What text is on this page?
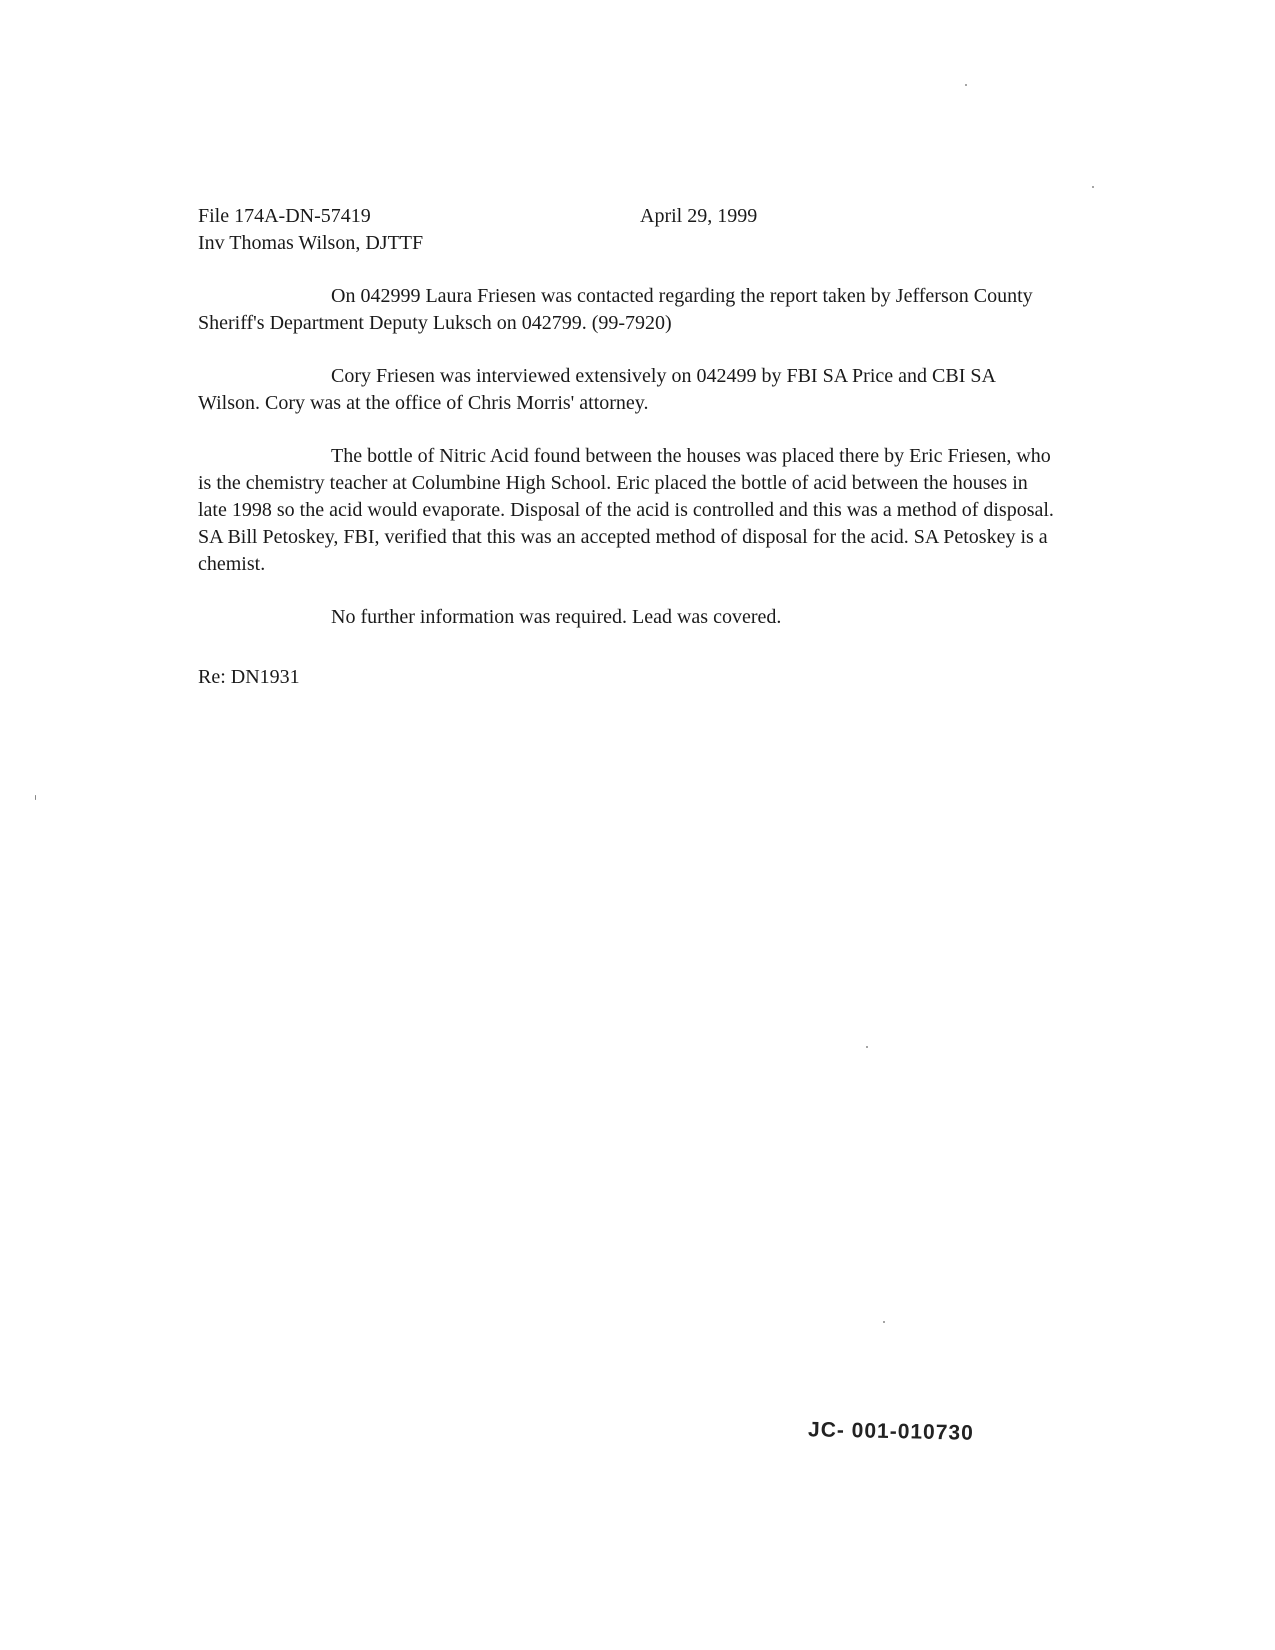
File 174A-DN-57419
Inv Thomas Wilson, DJTTF
April 29, 1999

On 042999 Laura Friesen was contacted regarding the report taken by Jefferson County Sheriff's Department Deputy Luksch on 042799. (99-7920)

Cory Friesen was interviewed extensively on 042499 by FBI SA Price and CBI SA Wilson. Cory was at the office of Chris Morris' attorney.

The bottle of Nitric Acid found between the houses was placed there by Eric Friesen, who is the chemistry teacher at Columbine High School. Eric placed the bottle of acid between the houses in late 1998 so the acid would evaporate. Disposal of the acid is controlled and this was a method of disposal. SA Bill Petoskey, FBI, verified that this was an accepted method of disposal for the acid. SA Petoskey is a chemist.

No further information was required. Lead was covered.

Re: DN1931
JC- 001-010730
